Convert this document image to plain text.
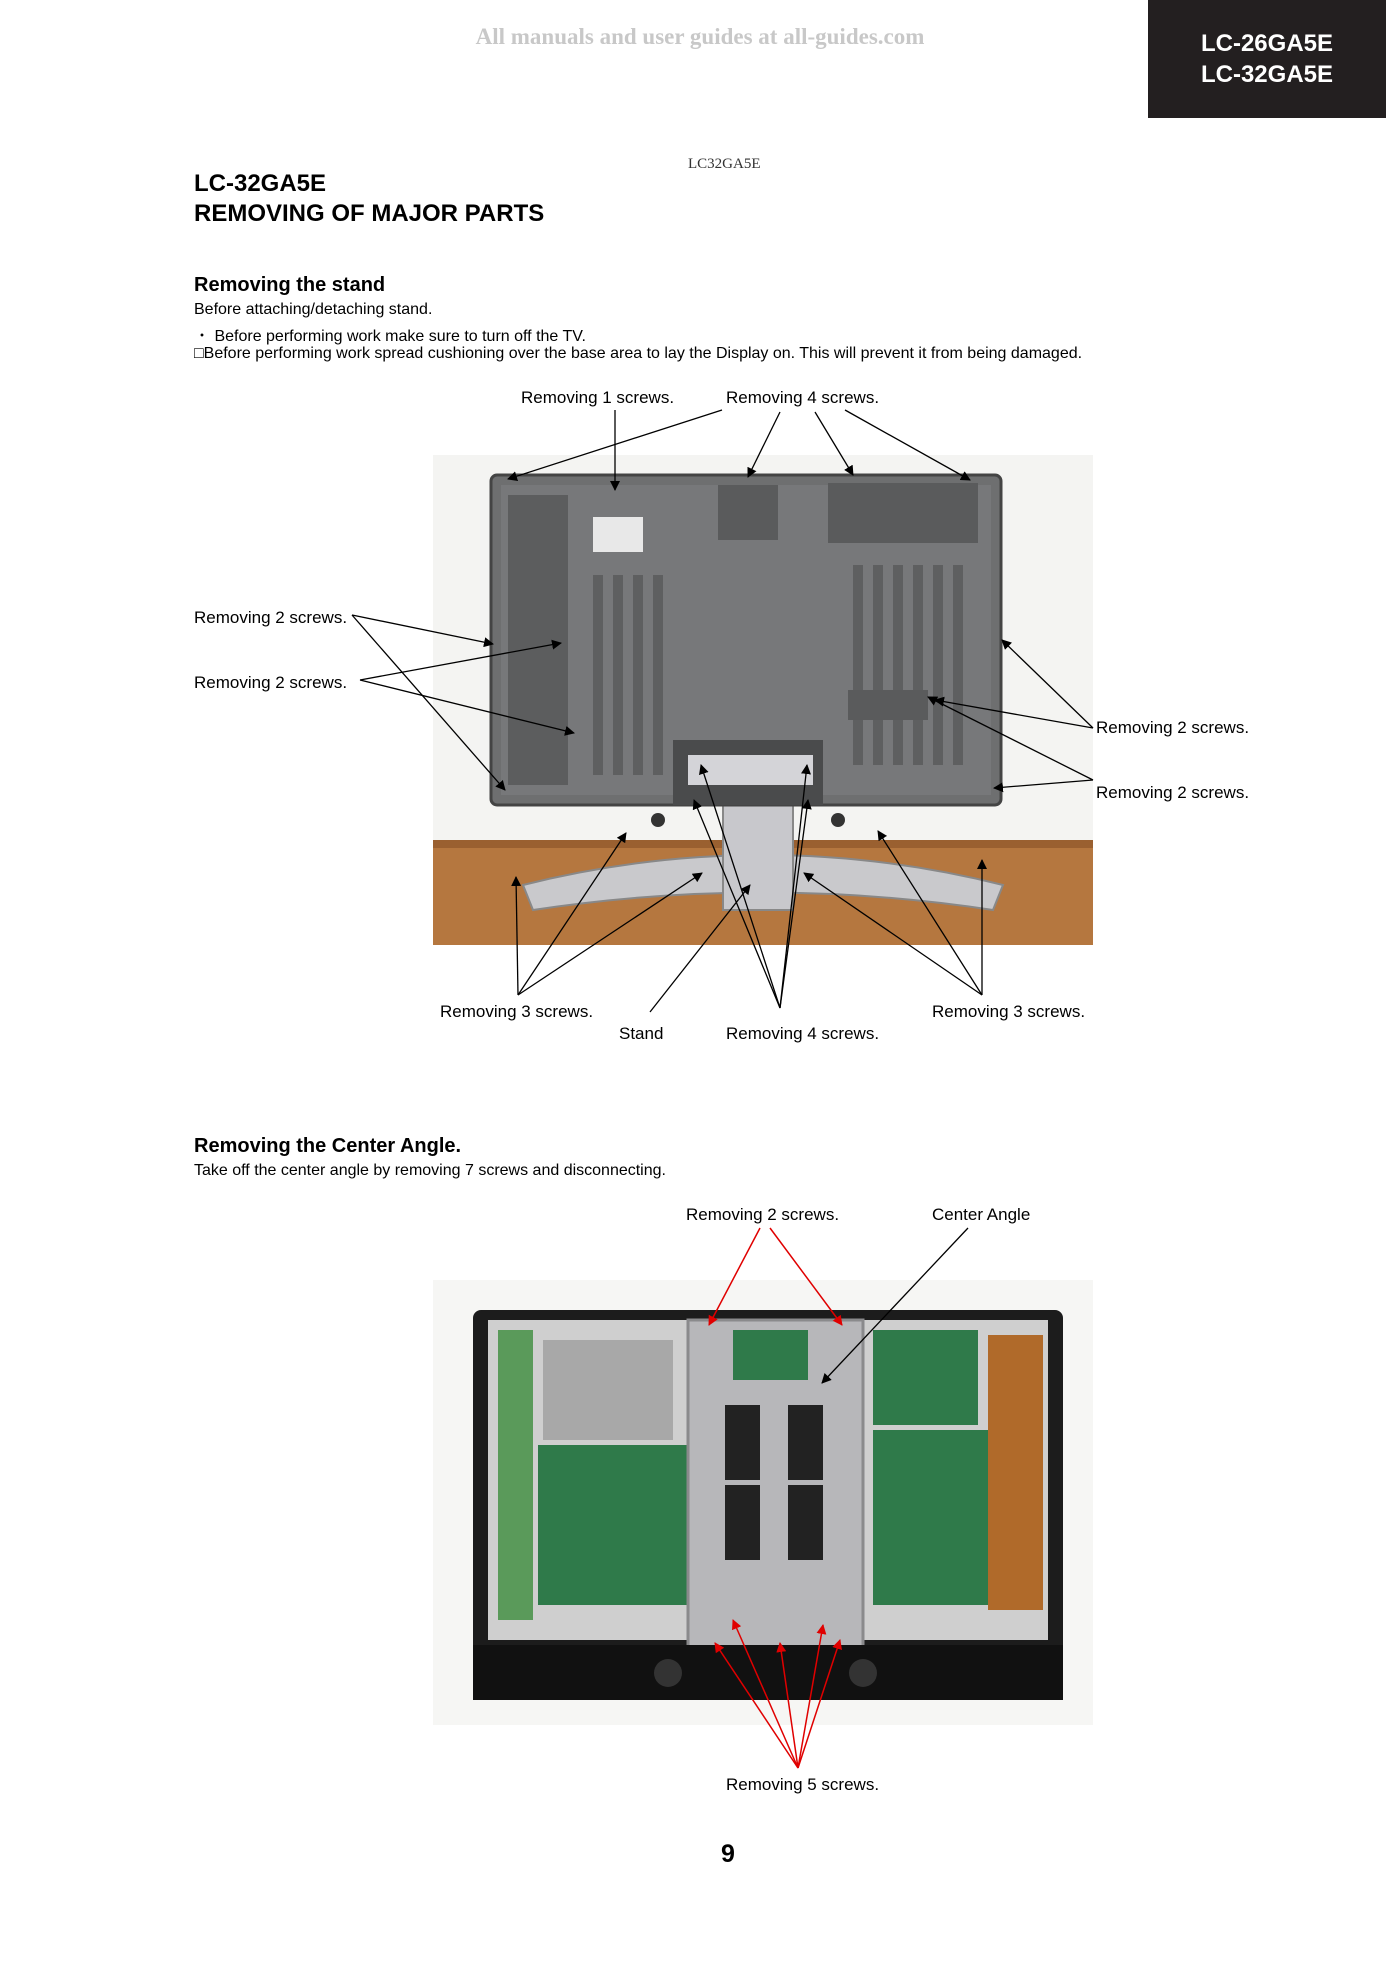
All manuals and user guides at all-guides.com	LC-26GA5E
LC-32GA5E
LC32GA5E
LC-32GA5E
REMOVING OF MAJOR PARTS
Removing the stand
Before attaching/detaching stand.
・ Before performing work make sure to turn off the TV.
□Before performing work spread cushioning over the base area to lay the Display on. This will prevent it from being damaged.
Removing 1 screws.	Removing 4 screws.
Removing 2 screws.
Removing 2 screws.
Removing 2 screws.
Removing 2 screws.
Removing 3 screws.
Stand	Removing 4 screws.
Removing 3 screws.
Removing the Center Angle.
Take off the center angle by removing 7 screws and disconnecting.
Removing 2 screws.	Center Angle
Removing 5 screws.
9
